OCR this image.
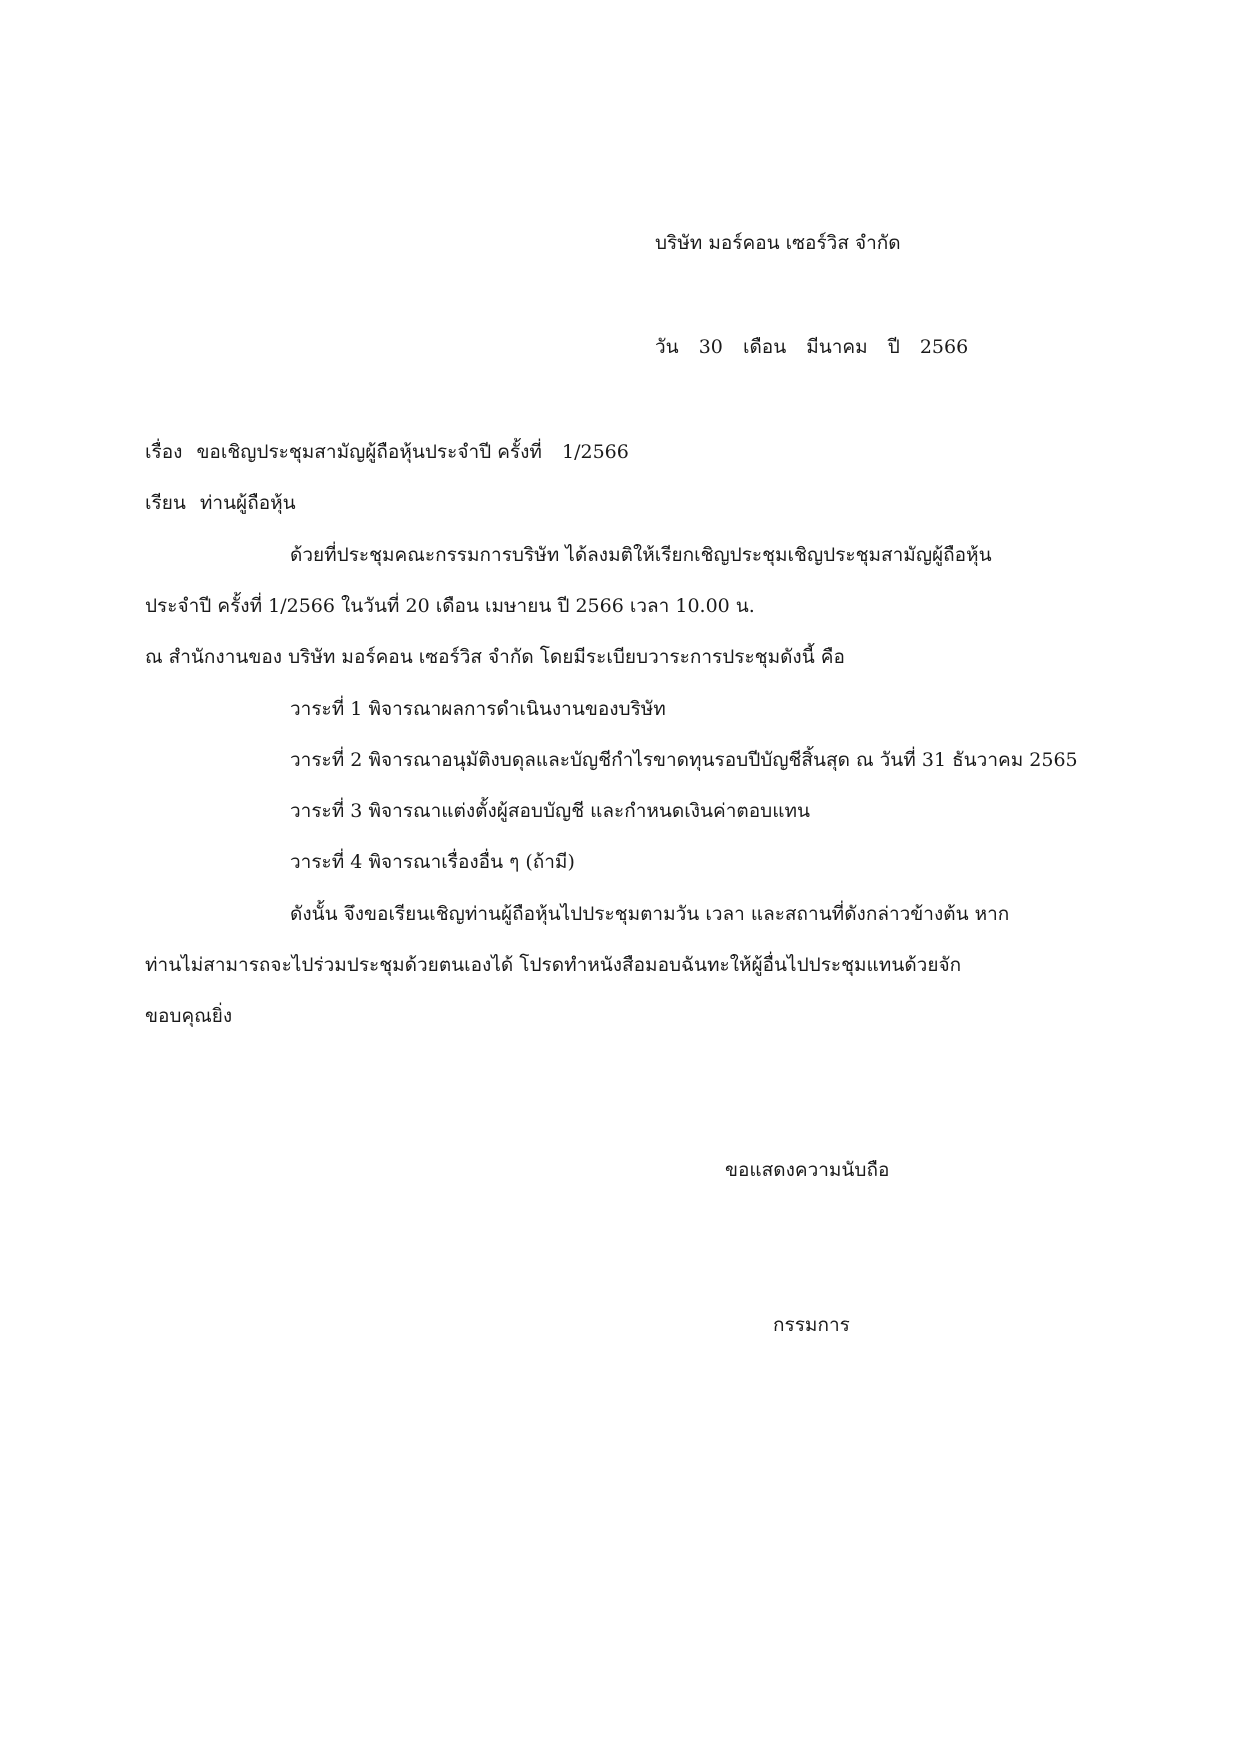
บริษัท มอร์คอน เซอร์วิส จำกัด
วัน 30 เดือน มีนาคม ปี 2566
เรื่อง ขอเชิญประชุมสามัญผู้ถือหุ้นประจำปี ครั้งที่ 1/2566
เรียน ท่านผู้ถือหุ้น
ด้วยที่ประชุมคณะกรรมการบริษัท ได้ลงมติให้เรียกเชิญประชุมเชิญประชุมสามัญผู้ถือหุ้น
ประจำปี ครั้งที่ 1/2566 ในวันที่ 20 เดือน เมษายน ปี 2566 เวลา 10.00 น.
ณ สำนักงานของ บริษัท มอร์คอน เซอร์วิส จำกัด โดยมีระเบียบวาระการประชุมดังนี้ คือ
วาระที่ 1 พิจารณาผลการดำเนินงานของบริษัท
วาระที่ 2 พิจารณาอนุมัติงบดุลและบัญชีกำไรขาดทุนรอบปีบัญชีสิ้นสุด ณ วันที่ 31 ธันวาคม 2565
วาระที่ 3 พิจารณาแต่งตั้งผู้สอบบัญชี และกำหนดเงินค่าตอบแทน
วาระที่ 4 พิจารณาเรื่องอื่น ๆ (ถ้ามี)
ดังนั้น จึงขอเรียนเชิญท่านผู้ถือหุ้นไปประชุมตามวัน เวลา และสถานที่ดังกล่าวข้างต้น หาก
ท่านไม่สามารถจะไปร่วมประชุมด้วยตนเองได้ โปรดทำหนังสือมอบฉันทะให้ผู้อื่นไปประชุมแทนด้วยจัก
ขอบคุณยิ่ง
ขอแสดงความนับถือ
กรรมการ
